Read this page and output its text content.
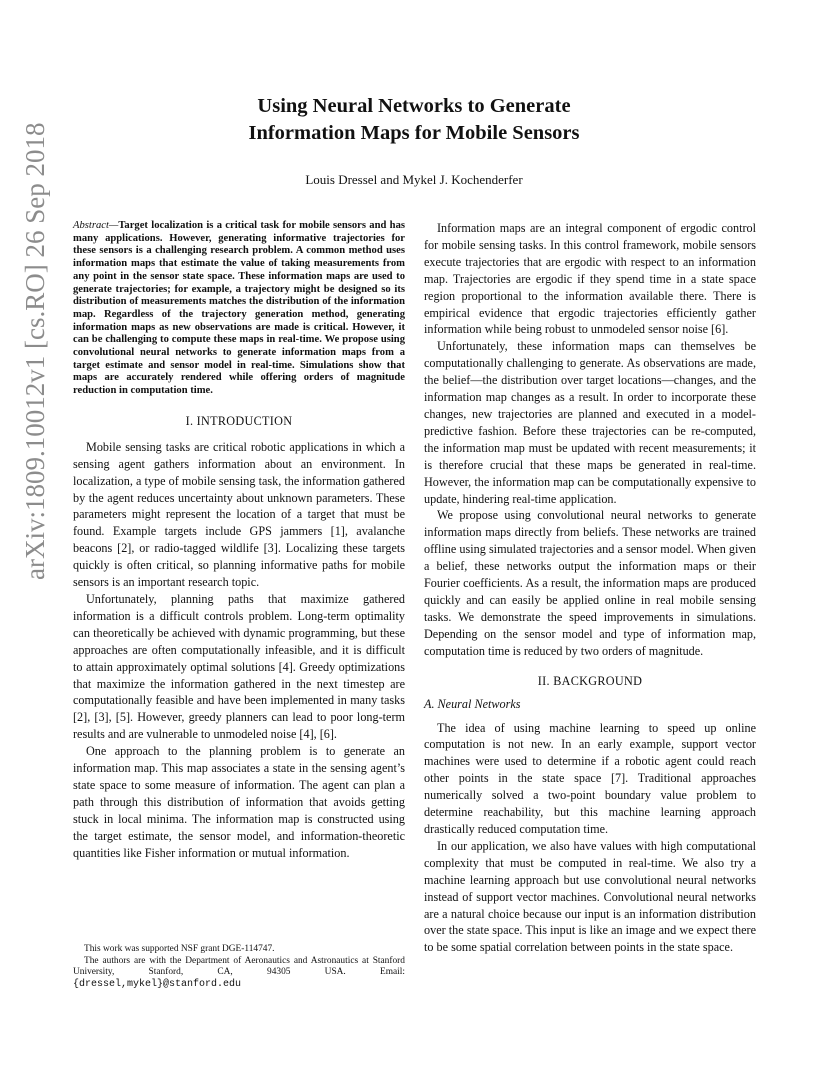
arXiv:1809.10012v1 [cs.RO] 26 Sep 2018
Using Neural Networks to Generate
Information Maps for Mobile Sensors
Louis Dressel and Mykel J. Kochenderfer

Abstract—Target localization is a critical task for mobile sensors and has many applications. However, generating informative trajectories for these sensors is a challenging research problem. A common method uses information maps that estimate the value of taking measurements from any point in the sensor state space. These information maps are used to generate trajectories; for example, a trajectory might be designed so its distribution of measurements matches the distribution of the information map. Regardless of the trajectory generation method, generating information maps as new observations are made is critical. However, it can be challenging to compute these maps in real-time. We propose using convolutional neural networks to generate information maps from a target estimate and sensor model in real-time. Simulations show that maps are accurately rendered while offering orders of magnitude reduction in computation time.

I. INTRODUCTION

Mobile sensing tasks are critical robotic applications in which a sensing agent gathers information about an environment. In localization, a type of mobile sensing task, the information gathered by the agent reduces uncertainty about unknown parameters. These parameters might represent the location of a target that must be found. Example targets include GPS jammers [1], avalanche beacons [2], or radio-tagged wildlife [3]. Localizing these targets quickly is often critical, so planning informative paths for mobile sensors is an important research topic.

Unfortunately, planning paths that maximize gathered information is a difficult controls problem. Long-term optimality can theoretically be achieved with dynamic programming, but these approaches are often computationally infeasible, and it is difficult to attain approximately optimal solutions [4]. Greedy optimizations that maximize the information gathered in the next timestep are computationally feasible and have been implemented in many tasks [2], [3], [5]. However, greedy planners can lead to poor long-term results and are vulnerable to unmodeled noise [4], [6].

One approach to the planning problem is to generate an information map. This map associates a state in the sensing agent’s state space to some measure of information. The agent can plan a path through this distribution of information that avoids getting stuck in local minima. The information map is constructed using the target estimate, the sensor model, and information-theoretic quantities like Fisher information or mutual information.

This work was supported NSF grant DGE-114747.

The authors are with the Department of Aeronautics and Astronautics at Stanford University, Stanford, CA, 94305 USA. Email: {dressel,mykel}@stanford.edu

Information maps are an integral component of ergodic control for mobile sensing tasks. In this control framework, mobile sensors execute trajectories that are ergodic with respect to an information map. Trajectories are ergodic if they spend time in a state space region proportional to the information available there. There is empirical evidence that ergodic trajectories efficiently gather information while being robust to unmodeled sensor noise [6].

Unfortunately, these information maps can themselves be computationally challenging to generate. As observations are made, the belief—the distribution over target locations—changes, and the information map changes as a result. In order to incorporate these changes, new trajectories are planned and executed in a model-predictive fashion. Before these trajectories can be re-computed, the information map must be updated with recent measurements; it is therefore crucial that these maps be generated in real-time. However, the information map can be computationally expensive to update, hindering real-time application.

We propose using convolutional neural networks to generate information maps directly from beliefs. These networks are trained offline using simulated trajectories and a sensor model. When given a belief, these networks output the information maps or their Fourier coefficients. As a result, the information maps are produced quickly and can easily be applied online in real mobile sensing tasks. We demonstrate the speed improvements in simulations. Depending on the sensor model and type of information map, computation time is reduced by two orders of magnitude.

II. BACKGROUND

A. Neural Networks

The idea of using machine learning to speed up online computation is not new. In an early example, support vector machines were used to determine if a robotic agent could reach other points in the state space [7]. Traditional approaches numerically solved a two-point boundary value problem to determine reachability, but this machine learning approach drastically reduced computation time.

In our application, we also have values with high computational complexity that must be computed in real-time. We also try a machine learning approach but use convolutional neural networks instead of support vector machines. Convolutional neural networks are a natural choice because our input is an information distribution over the state space. This input is like an image and we expect there to be some spatial correlation between points in the state space.
